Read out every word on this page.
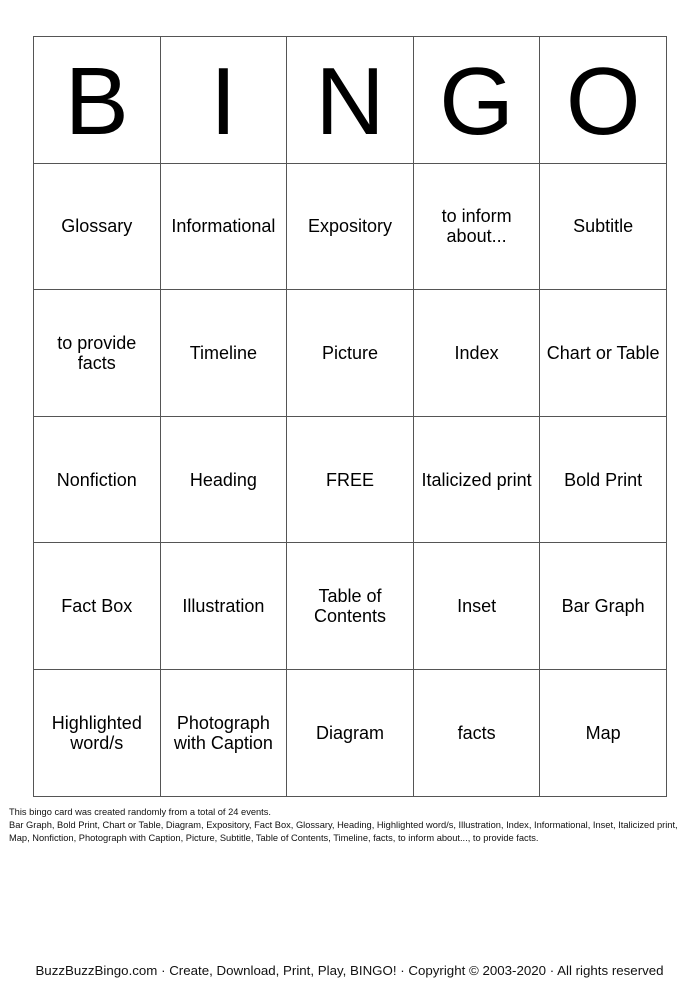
B	I	N	G	O
Glossary	Informational	Expository	to inform about...	Subtitle
to provide facts	Timeline	Picture	Index	Chart or Table
Nonfiction	Heading	FREE	Italicized print	Bold Print
Fact Box	Illustration	Table of Contents	Inset	Bar Graph
Highlighted word/s	Photograph with Caption	Diagram	facts	Map
This bingo card was created randomly from a total of 24 events.
Bar Graph, Bold Print, Chart or Table, Diagram, Expository, Fact Box, Glossary, Heading, Highlighted word/s, Illustration, Index, Informational, Inset, Italicized print, Map, Nonfiction, Photograph with Caption, Picture, Subtitle, Table of Contents, Timeline, facts, to inform about..., to provide facts.
BuzzBuzzBingo.com · Create, Download, Print, Play, BINGO! · Copyright © 2003-2020 · All rights reserved
